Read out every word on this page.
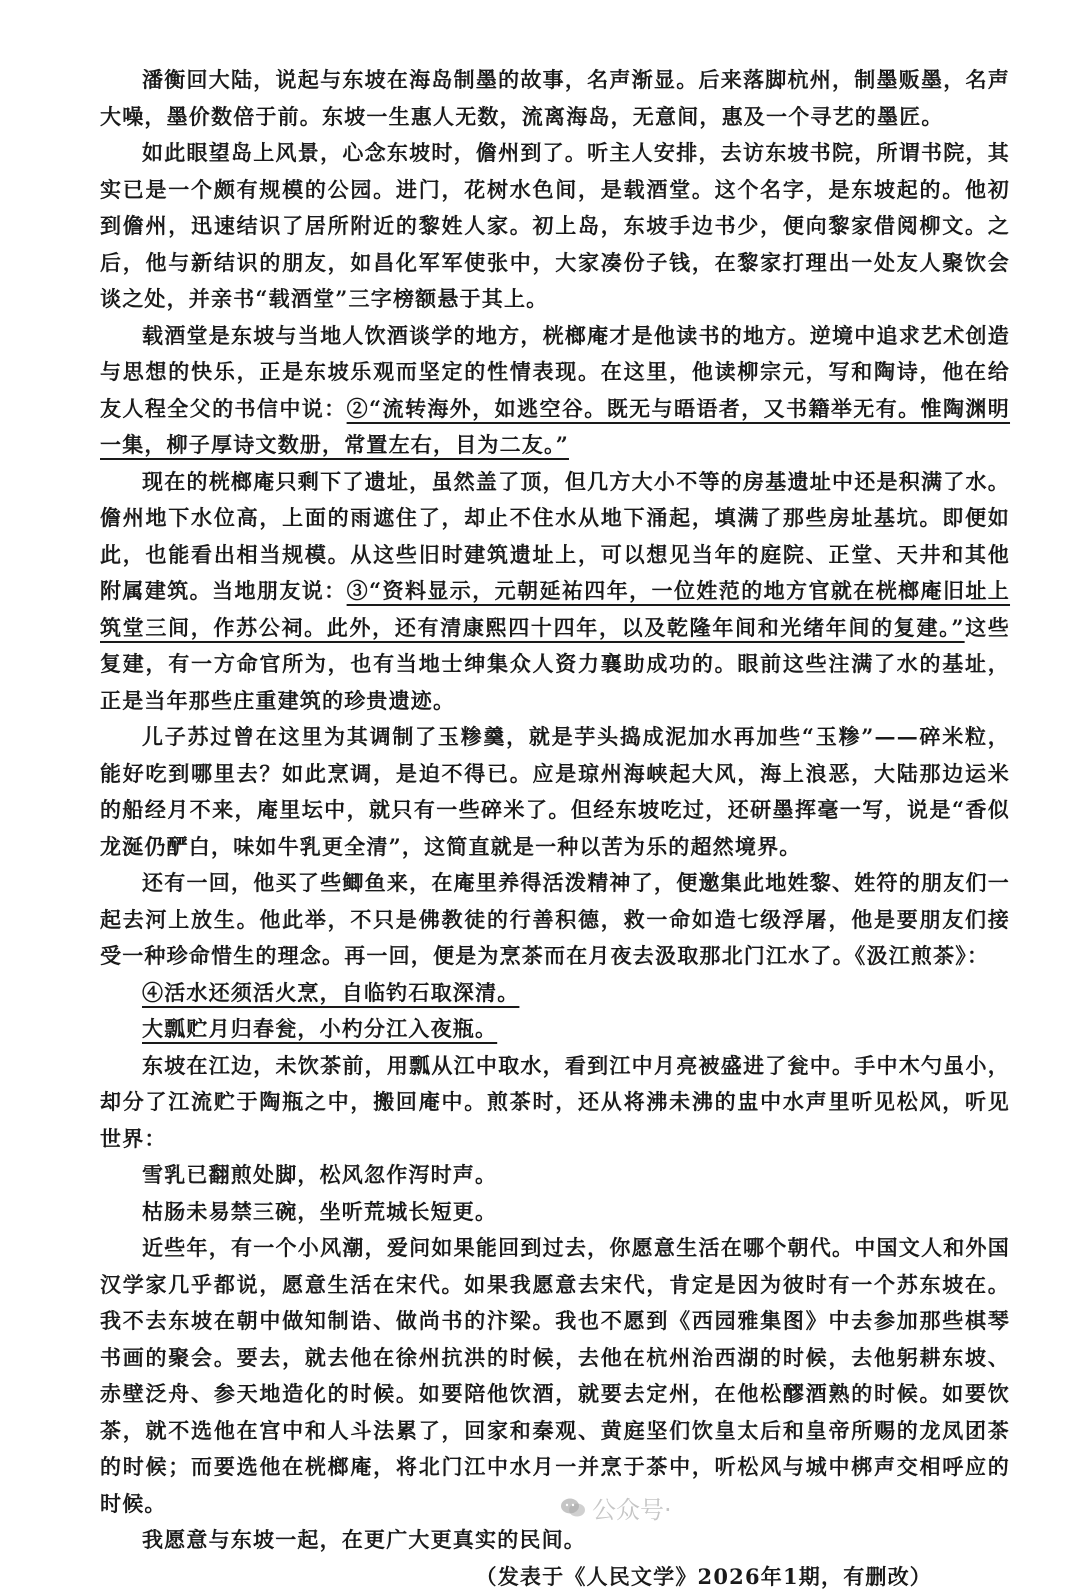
潘衡回大陆，说起与东坡在海岛制墨的故事，名声渐显。后来落脚杭州，制墨贩墨，名声大噪，墨价数倍于前。东坡一生惠人无数，流离海岛，无意间，惠及一个寻艺的墨匠。

如此眼望岛上风景，心念东坡时，儋州到了。听主人安排，去访东坡书院，所谓书院，其实已是一个颇有规模的公园。进门，花树水色间，是载酒堂。这个名字，是东坡起的。他初到儋州，迅速结识了居所附近的黎姓人家。初上岛，东坡手边书少，便向黎家借阅柳文。之后，他与新结识的朋友，如昌化军军使张中，大家凑份子钱，在黎家打理出一处友人聚饮会谈之处，并亲书“载酒堂”三字榜额悬于其上。

载酒堂是东坡与当地人饮酒谈学的地方，桄榔庵才是他读书的地方。逆境中追求艺术创造与思想的快乐，正是东坡乐观而坚定的性情表现。在这里，他读柳宗元，写和陶诗，他在给友人程全父的书信中说：②“流转海外，如逃空谷。既无与晤语者，又书籍举无有。惟陶渊明一集，柳子厚诗文数册，常置左右，目为二友。”

现在的桄榔庵只剩下了遗址，虽然盖了顶，但几方大小不等的房基遗址中还是积满了水。儋州地下水位高，上面的雨遮住了，却止不住水从地下涌起，填满了那些房址基坑。即便如此，也能看出相当规模。从这些旧时建筑遗址上，可以想见当年的庭院、正堂、天井和其他附属建筑。当地朋友说：③“资料显示，元朝延祐四年，一位姓范的地方官就在桄榔庵旧址上筑堂三间，作苏公祠。此外，还有清康熙四十四年，以及乾隆年间和光绪年间的复建。”这些复建，有一方命官所为，也有当地士绅集众人资力襄助成功的。眼前这些注满了水的基址，正是当年那些庄重建筑的珍贵遗迹。

儿子苏过曾在这里为其调制了玉糁羹，就是芋头捣成泥加水再加些“玉糁”——碎米粒，能好吃到哪里去？如此烹调，是迫不得已。应是琼州海峡起大风，海上浪恶，大陆那边运米的船经月不来，庵里坛中，就只有一些碎米了。但经东坡吃过，还研墨挥毫一写，说是“香似龙涎仍酽白，味如牛乳更全清”，这简直就是一种以苦为乐的超然境界。

还有一回，他买了些鲫鱼来，在庵里养得活泼精神了，便邀集此地姓黎、姓符的朋友们一起去河上放生。他此举，不只是佛教徒的行善积德，救一命如造七级浮屠，他是要朋友们接受一种珍命惜生的理念。再一回，便是为烹茶而在月夜去汲取那北门江水了。《汲江煎茶》：

④活水还须活火烹，自临钓石取深清。

大瓢贮月归春瓮，小杓分江入夜瓶。

东坡在江边，未饮茶前，用瓢从江中取水，看到江中月亮被盛进了瓮中。手中木勺虽小，却分了江流贮于陶瓶之中，搬回庵中。煎茶时，还从将沸未沸的盅中水声里听见松风，听见世界：

雪乳已翻煎处脚，松风忽作泻时声。

枯肠未易禁三碗，坐听荒城长短更。

近些年，有一个小风潮，爱问如果能回到过去，你愿意生活在哪个朝代。中国文人和外国汉学家几乎都说，愿意生活在宋代。如果我愿意去宋代，肯定是因为彼时有一个苏东坡在。我不去东坡在朝中做知制诰、做尚书的汴梁。我也不愿到《西园雅集图》中去参加那些棋琴书画的聚会。要去，就去他在徐州抗洪的时候，去他在杭州治西湖的时候，去他躬耕东坡、赤壁泛舟、参天地造化的时候。如要陪他饮酒，就要去定州，在他松醪酒熟的时候。如要饮茶，就不选他在宫中和人斗法累了，回家和秦观、黄庭坚们饮皇太后和皇帝所赐的龙凤团茶的时候；而要选他在桄榔庵，将北门江中水月一并烹于茶中，听松风与城中梆声交相呼应的时候。

我愿意与东坡一起，在更广大更真实的民间。

（发表于《人民文学》2026年1期，有删改）

公众号·
